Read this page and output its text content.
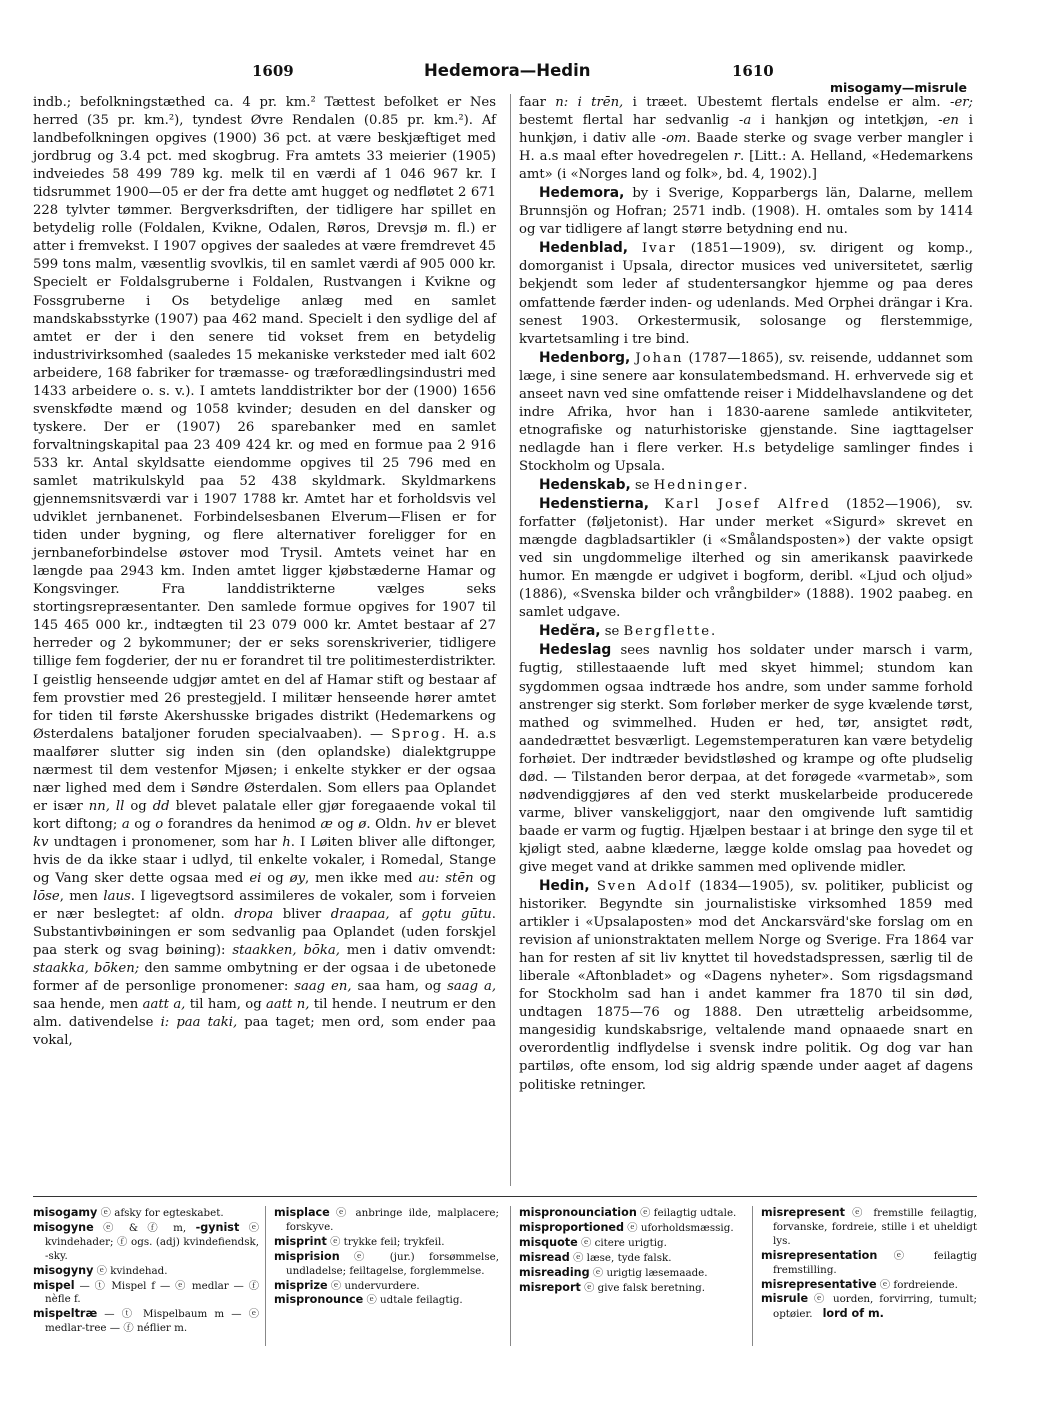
1609	Hedemora—Hedin	1610
misogamy—misrule

indb.; befolkningstæthed ca. 4 pr. km.² Tættest befolket er Nes herred (35 pr. km.²), tyndest Øvre Rendalen (0.85 pr. km.²). Af landbefolkningen opgives (1900) 36 pct. at være beskjæftiget med jordbrug og 3.4 pct. med skogbrug. Fra amtets 33 meierier (1905) indveiedes 58 499 789 kg. melk til en værdi af 1 046 967 kr. I tidsrummet 1900—05 er der fra dette amt hugget og nedfløtet 2 671 228 tylvter tømmer. Bergverksdriften, der tidligere har spillet en betydelig rolle (Foldalen, Kvikne, Odalen, Røros, Drevsjø m. fl.) er atter i fremvekst. I 1907 opgives der saaledes at være fremdrevet 45 599 tons malm, væsentlig svovlkis, til en samlet værdi af 905 000 kr. Specielt er Foldalsgruberne i Foldalen, Rustvangen i Kvikne og Fossgruberne i Os betydelige anlæg med en samlet mandskabsstyrke (1907) paa 462 mand. Specielt i den sydlige del af amtet er der i den senere tid vokset frem en betydelig industrivirksomhed (saaledes 15 mekaniske verksteder med ialt 602 arbeidere, 168 fabriker for træmasse- og træforædlingsindustri med 1433 arbeidere o. s. v.). I amtets landdistrikter bor der (1900) 1656 svenskfødte mænd og 1058 kvinder; desuden en del dansker og tyskere. Der er (1907) 26 sparebanker med en samlet forvaltningskapital paa 23 409 424 kr. og med en formue paa 2 916 533 kr. Antal skyldsatte eiendomme opgives til 25 796 med en samlet matrikulskyld paa 52 438 skyldmark. Skyldmarkens gjennemsnitsværdi var i 1907 1788 kr. Amtet har et forholdsvis vel udviklet jernbanenet. Forbindelsesbanen Elverum—Flisen er for tiden under bygning, og flere alternativer foreligger for en jernbaneforbindelse østover mod Trysil. Amtets veinet har en længde paa 2943 km. Inden amtet ligger kjøbstæderne Hamar og Kongsvinger. Fra landdistrikterne vælges seks stortingsrepræsentanter. Den samlede formue opgives for 1907 til 145 465 000 kr., indtægten til 23 079 000 kr. Amtet bestaar af 27 herreder og 2 bykommuner; der er seks sorenskriverier, tidligere tillige fem fogderier, der nu er forandret til tre politimesterdistrikter. I geistlig henseende udgjør amtet en del af Hamar stift og bestaar af fem provstier med 26 prestegjeld. I militær henseende hører amtet for tiden til første Akershusske brigades distrikt (Hedemarkens og Østerdalens bataljoner foruden specialvaaben). — Sprog. H. a.s maalfører slutter sig inden sin (den oplandske) dialektgruppe nærmest til dem vestenfor Mjøsen; i enkelte stykker er der ogsaa nær lighed med dem i Søndre Østerdalen. Som ellers paa Oplandet er især nn, ll og dd blevet palatale eller gjør foregaaende vokal til kort diftong; a og o forandres da henimod æ og ø. Oldn. hv er blevet kv undtagen i pronomener, som har h. I Løiten bliver alle diftonger, hvis de da ikke staar i udlyd, til enkelte vokaler, i Romedal, Stange og Vang sker dette ogsaa med ei og øy, men ikke med au: stēn og lōse, men laus. I ligevegtsord assimileres de vokaler, som i forveien er nær beslegtet: af oldn. dropa bliver draapaa, af gǫtu gūtu. Substantivbøiningen er som sedvanlig paa Oplandet (uden forskjel paa sterk og svag bøining): staakken, bōka, men i dativ omvendt: staakka, bōken; den samme ombytning er der ogsaa i de ubetonede former af de personlige pronomener: saag en, saa ham, og saag a, saa hende, men aatt a, til ham, og aatt n, til hende. I neutrum er den alm. dativendelse i: paa taki, paa taget; men ord, som ender paa vokal,

faar n: i trēn, i træet. Ubestemt flertals endelse er alm. -er; bestemt flertal har sedvanlig -a i hankjøn og intetkjøn, -en i hunkjøn, i dativ alle -om. Baade sterke og svage verber mangler i H. a.s maal efter hovedregelen r. [Litt.: A. Helland, «Hedemarkens amt» (i «Norges land og folk», bd. 4, 1902).]

Hedemora, by i Sverige, Kopparbergs län, Dalarne, mellem Brunnsjön og Hofran; 2571 indb. (1908). H. omtales som by 1414 og var tidligere af langt større betydning end nu.

Hedenblad, Ivar (1851—1909), sv. dirigent og komp., domorganist i Upsala, director musices ved universitetet, særlig bekjendt som leder af studentersangkor hjemme og paa deres omfattende færder inden- og udenlands. Med Orphei drängar i Kra. senest 1903. Orkestermusik, solosange og flerstemmige, kvartetsamling i tre bind.

Hedenborg, Johan (1787—1865), sv. reisende, uddannet som læge, i sine senere aar konsulatembedsmand. H. erhvervede sig et anseet navn ved sine omfattende reiser i Middelhavslandene og det indre Afrika, hvor han i 1830-aarene samlede antikviteter, etnografiske og naturhistoriske gjenstande. Sine iagttagelser nedlagde han i flere verker. H.s betydelige samlinger findes i Stockholm og Upsala.

Hedenskab, se Hedninger.

Hedenstierna, Karl Josef Alfred (1852—1906), sv. forfatter (føljetonist). Har under merket «Sigurd» skrevet en mængde dagbladsartikler (i «Smålandsposten») der vakte opsigt ved sin ungdommelige ilterhed og sin amerikansk paavirkede humor. En mængde er udgivet i bogform, deribl. «Ljud och oljud» (1886), «Svenska bilder och vrångbilder» (1888). 1902 paabeg. en samlet udgave.

Hedĕra, se Bergflette.

Hedeslag sees navnlig hos soldater under marsch i varm, fugtig, stillestaaende luft med skyet himmel; stundom kan sygdommen ogsaa indtræde hos andre, som under samme forhold anstrenger sig sterkt. Som forløber merker de syge kvælende tørst, mathed og svimmelhed. Huden er hed, tør, ansigtet rødt, aandedrættet besværligt. Legemstemperaturen kan være betydelig forhøiet. Der indtræder bevidstløshed og krampe og ofte pludselig død. — Tilstanden beror derpaa, at det forøgede «varmetab», som nødvendiggjøres af den ved sterkt muskelarbeide producerede varme, bliver vanskeliggjort, naar den omgivende luft samtidig baade er varm og fugtig. Hjælpen bestaar i at bringe den syge til et kjøligt sted, aabne klæderne, lægge kolde omslag paa hovedet og give meget vand at drikke sammen med oplivende midler.

Hedin, Sven Adolf (1834—1905), sv. politiker, publicist og historiker. Begyndte sin journalistiske virksomhed 1859 med artikler i «Upsalaposten» mod det Anckarsvärd'ske forslag om en revision af unionstraktaten mellem Norge og Sverige. Fra 1864 var han for resten af sit liv knyttet til hovedstadspressen, særlig til de liberale «Aftonbladet» og «Dagens nyheter». Som rigsdagsmand for Stockholm sad han i andet kammer fra 1870 til sin død, undtagen 1875—76 og 1888. Den utrættelig arbeidsomme, mangesidig kundskabsrige, veltalende mand opnaaede snart en overordentlig indflydelse i svensk indre politik. Og dog var han partiløs, ofte ensom, lod sig aldrig spænde under aaget af dagens politiske retninger.

misogamy ⓔ afsky for egteskabet.

misogyne ⓔ & ⓕ m, -gynist ⓔ kvindehader; ⓕ ogs. (adj) kvindefiendsk, -sky.

misogyny ⓔ kvindehad.

mispel — ⓣ Mispel f — ⓔ medlar — ⓕ nèfle f.

mispeltræ — ⓣ Mispelbaum m — ⓔ medlar-tree — ⓕ néflier m.

misplace ⓔ anbringe ilde, malplacere; forskyve.

misprint ⓔ trykke feil; trykfeil.

misprision ⓔ (jur.) forsømmelse, undladelse; feiltagelse, forglemmelse.

misprize ⓔ undervurdere.

mispronounce ⓔ udtale feilagtig.

mispronounciation ⓔ feilagtig udtale.

misproportioned ⓔ uforholdsmæssig.

misquote ⓔ citere urigtig.

misread ⓔ læse, tyde falsk.

misreading ⓔ urigtig læsemaade.

misreport ⓔ give falsk beretning.

misrepresent ⓔ fremstille feilagtig, forvanske, fordreie, stille i et uheldigt lys.

misrepresentation ⓔ feilagtig fremstilling.

misrepresentative ⓔ fordreiende.

misrule ⓔ uorden, forvirring, tumult; optøier. lord of m.
